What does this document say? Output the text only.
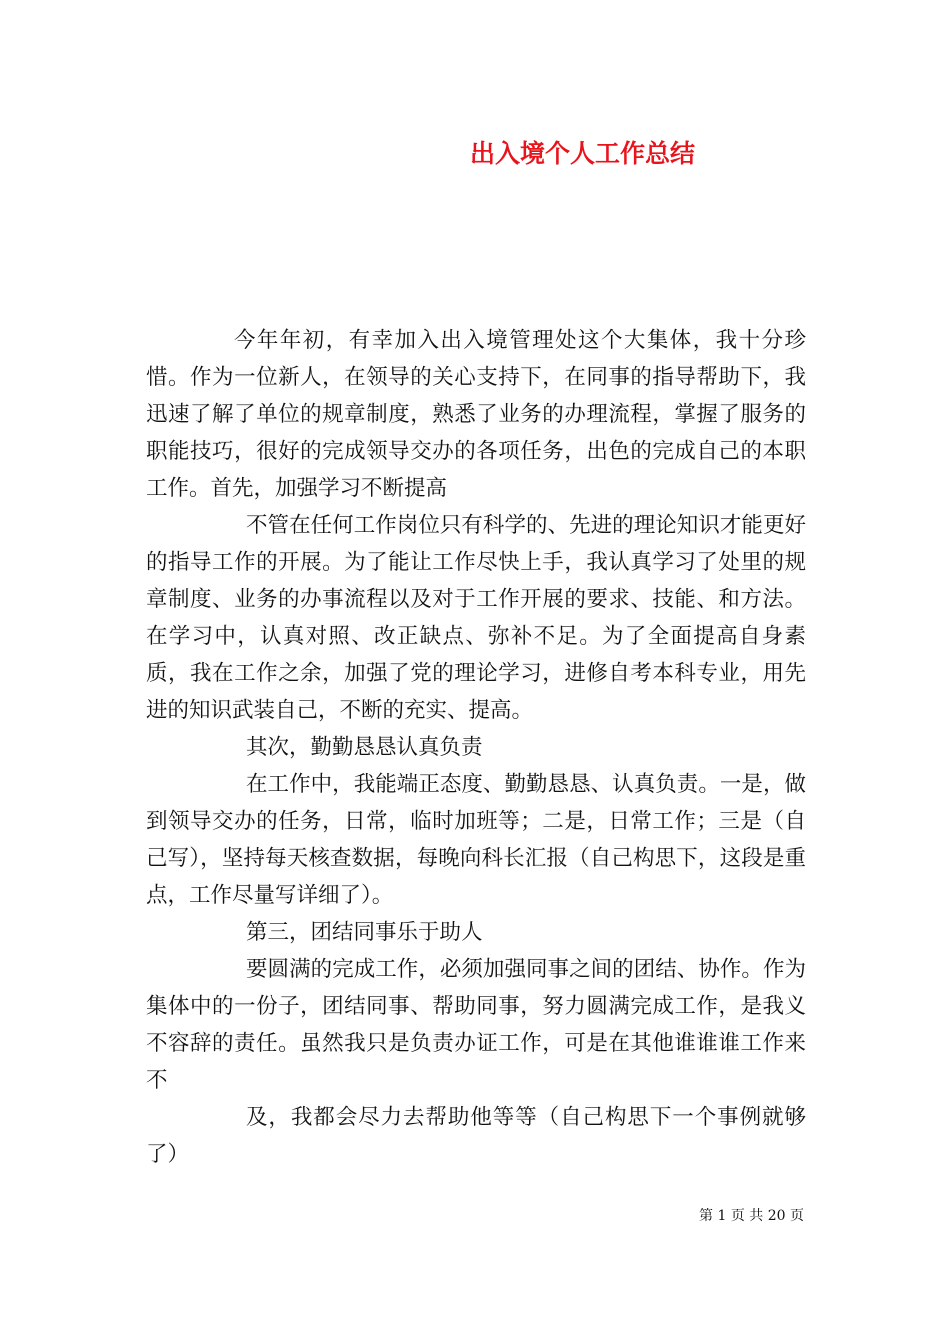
出入境个人工作总结

今年年初，有幸加入出入境管理处这个大集体，我十分珍惜。作为一位新人，在领导的关心支持下，在同事的指导帮助下，我迅速了解了单位的规章制度，熟悉了业务的办理流程，掌握了服务的职能技巧，很好的完成领导交办的各项任务，出色的完成自己的本职工作。首先，加强学习不断提高

不管在任何工作岗位只有科学的、先进的理论知识才能更好的指导工作的开展。为了能让工作尽快上手，我认真学习了处里的规章制度、业务的办事流程以及对于工作开展的要求、技能、和方法。在学习中，认真对照、改正缺点、弥补不足。为了全面提高自身素质，我在工作之余，加强了党的理论学习，进修自考本科专业，用先进的知识武装自己，不断的充实、提高。

其次，勤勤恳恳认真负责

在工作中，我能端正态度、勤勤恳恳、认真负责。一是，做到领导交办的任务，日常，临时加班等；二是，日常工作；三是（自己写），坚持每天核查数据，每晚向科长汇报（自己构思下，这段是重点，工作尽量写详细了）。

第三，团结同事乐于助人

要圆满的完成工作，必须加强同事之间的团结、协作。作为集体中的一份子，团结同事、帮助同事，努力圆满完成工作，是我义不容辞的责任。虽然我只是负责办证工作，可是在其他谁谁谁工作来不

及，我都会尽力去帮助他等等（自己构思下一个事例就够了）

第 1 页 共 20 页
